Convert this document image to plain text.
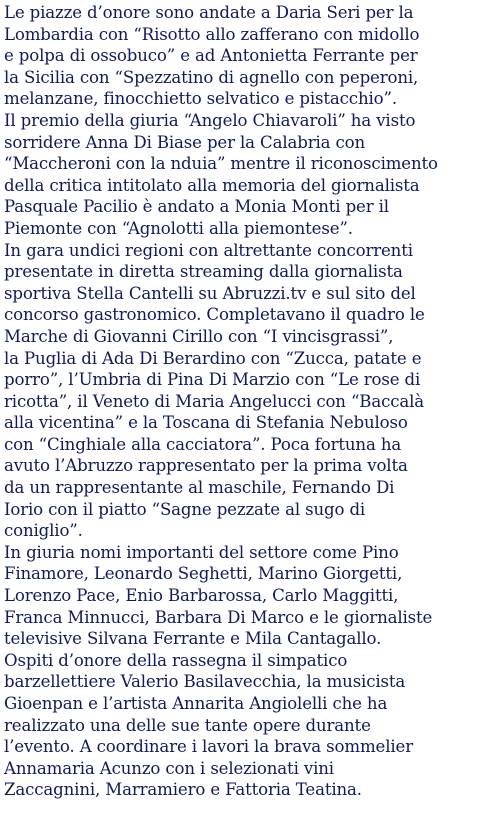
Le piazze d’onore sono andate a Daria Seri per la
Lombardia con “Risotto allo zafferano con midollo
e polpa di ossobuco” e ad Antonietta Ferrante per
la Sicilia con “Spezzatino di agnello con peperoni,
melanzane, finocchietto selvatico e pistacchio”.
Il premio della giuria “Angelo Chiavaroli” ha visto
sorridere Anna Di Biase per la Calabria con
“Maccheroni con la nduia” mentre il riconoscimento
della critica intitolato alla memoria del giornalista
Pasquale Pacilio è andato a Monia Monti per il
Piemonte con “Agnolotti alla piemontese”.
In gara undici regioni con altrettante concorrenti
presentate in diretta streaming dalla giornalista
sportiva Stella Cantelli su Abruzzi.tv e sul sito del
concorso gastronomico. Completavano il quadro le
Marche di Giovanni Cirillo con “I vincisgrassi”,
la Puglia di Ada Di Berardino con “Zucca, patate e
porro”, l’Umbria di Pina Di Marzio con “Le rose di
ricotta”, il Veneto di Maria Angelucci con “Baccalà
alla vicentina” e la Toscana di Stefania Nebuloso
con “Cinghiale alla cacciatora”. Poca fortuna ha
avuto l’Abruzzo rappresentato per la prima volta
da un rappresentante al maschile, Fernando Di
Iorio con il piatto “Sagne pezzate al sugo di
coniglio”.
In giuria nomi importanti del settore come Pino
Finamore, Leonardo Seghetti, Marino Giorgetti,
Lorenzo Pace, Enio Barbarossa, Carlo Maggitti,
Franca Minnucci, Barbara Di Marco e le giornaliste
televisive Silvana Ferrante e Mila Cantagallo.
Ospiti d’onore della rassegna il simpatico
barzellettiere Valerio Basilavecchia, la musicista
Gioenpan e l’artista Annarita Angiolelli che ha
realizzato una delle sue tante opere durante
l’evento. A coordinare i lavori la brava sommelier
Annamaria Acunzo con i selezionati vini
Zaccagnini, Marramiero e Fattoria Teatina.
